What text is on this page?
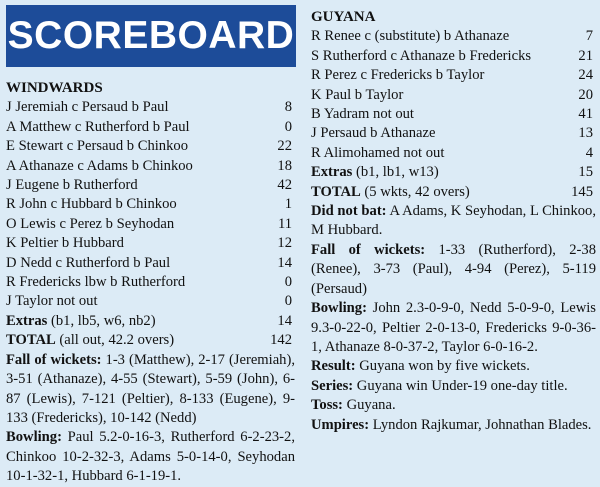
SCOREBOARD
WINDWARDS
J Jeremiah c Persaud b Paul	8
A Matthew c Rutherford b Paul	0
E Stewart c Persaud b Chinkoo	22
A Athanaze c Adams b Chinkoo	18
J Eugene b Rutherford	42
R John c Hubbard b Chinkoo	1
O Lewis c Perez b Seyhodan	11
K Peltier b Hubbard	12
D Nedd c Rutherford b Paul	14
R Fredericks lbw b Rutherford	0
J Taylor not out	0
Extras (b1, lb5, w6, nb2)	14
TOTAL (all out, 42.2 overs)	142
Fall of wickets: 1-3 (Matthew), 2-17 (Jeremiah), 3-51 (Athanaze), 4-55 (Stewart), 5-59 (John), 6-87 (Lewis), 7-121 (Peltier), 8-133 (Eugene), 9-133 (Fredericks), 10-142 (Nedd)
Bowling: Paul 5.2-0-16-3, Rutherford 6-2-23-2, Chinkoo 10-2-32-3, Adams 5-0-14-0, Seyhodan 10-1-32-1, Hubbard 6-1-19-1.
GUYANA
R Renee c (substitute) b Athanaze	7
S Rutherford c Athanaze b Fredericks	21
R Perez c Fredericks b Taylor	24
K Paul b Taylor	20
B Yadram not out	41
J Persaud b Athanaze	13
R Alimohamed not out	4
Extras (b1, lb1, w13)	15
TOTAL (5 wkts, 42 overs)	145
Did not bat: A Adams, K Seyhodan, L Chinkoo, M Hubbard.
Fall of wickets: 1-33 (Rutherford), 2-38 (Renee), 3-73 (Paul), 4-94 (Perez), 5-119 (Persaud)
Bowling: John 2.3-0-9-0, Nedd 5-0-9-0, Lewis 9.3-0-22-0, Peltier 2-0-13-0, Fredericks 9-0-36-1, Athanaze 8-0-37-2, Taylor 6-0-16-2.
Result: Guyana won by five wickets.
Series: Guyana win Under-19 one-day title.
Toss: Guyana.
Umpires: Lyndon Rajkumar, Johnathan Blades.
